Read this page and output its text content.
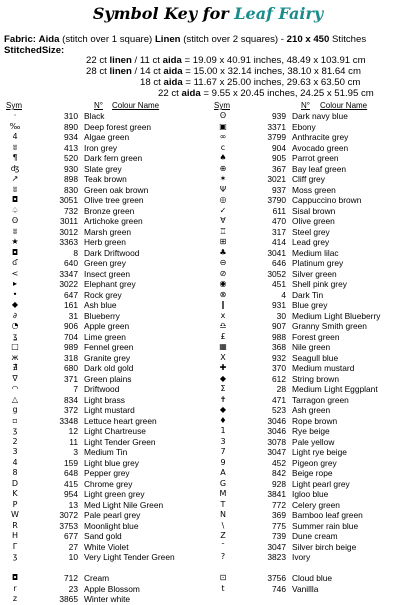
Symbol Key for Leaf Fairy
Fabric: Aida (stitch over 1 square) Linen (stitch over 2 squares) - 210 x 450 Stitches
StitchedSize:
22 ct linen / 11 ct aida = 19.09 x 40.91 inches, 48.49 x 103.91 cm
28 ct linen / 14 ct aida = 15.00 x 32.14 inches, 38.10 x 81.64 cm
18 ct aida = 11.67 x 25.00 inches, 29.63 x 63.50 cm
22 ct aida = 9.55 x 20.45 inches, 24.25 x 51.95 cm
Sym	N° Colour Name	Sym	N° Colour Name
·	310 Black
‰	890 Deep forest green
4	934 Algae green
ʬ	413 Iron grey
¶	520 Dark fern green
ʤ	930 Slate grey
↗	898 Teak brown
ʬ	830 Green oak brown
◘	3051 Olive tree green
♤	732 Bronze green
ʘ	3011 Artichoke green
ʬ	3012 Marsh green
★	3363 Herb green
◘	8 Dark Driftwood
ʛ	640 Green grey
<	3347 Insect green
▸	3022 Elephant grey
•	647 Rock grey
◆	161 Ash blue
∂	31 Blueberry
◔	906 Apple green
ʓ	704 Lime green
□	989 Fennel green
ж	318 Granite grey
∄	680 Dark old gold
∇	371 Green plains
◠	7 Driftwood
△	834 Light brass
g	372 Light mustard
▫	3348 Lettuce heart green
ʒ	12 Light Chartreuse
2	11 Light Tender Green
3	3 Medium Tin
4	159 Light blue grey
8	648 Pepper grey
D	415 Chrome grey
K	954 Light green grey
P	13 Med Light Nile Green
W	3072 Pale pearl grey
R	3753 Moonlight blue
H	677 Sand gold
Γ	27 White Violet
ʒ	10 Very Light Tender Green
◘	712 Cream
r	23 Apple Blossom
z	3865 Winter white
ʘ	939 Dark navy blue
▣	3371 Ebony
∞	3799 Anthracite grey
ϲ	904 Avocado green
♠	905 Parrot green
⊕	367 Bay leaf green
✶	3021 Cliff grey
Ψ	937 Moss green
◎	3790 Cappuccino brown
✓	611 Sisal brown
∀	470 Olive green
♖	317 Steel grey
⊞	414 Lead grey
♣	3041 Medium lilac
⊖	646 Platinum grey
⊘	3052 Silver green
◉	451 Shell pink grey
⊗	4 Dark Tin
‖	931 Blue grey
x	30 Medium Light Blueberry
♎	907 Granny Smith green
£	988 Forest green
▦	368 Nile green
X	932 Seagull blue
✚	370 Medium mustard
◆	612 String brown
Σ	28 Medium Light Eggplant
✝	471 Tarragon green
◆	523 Ash green
♦	3046 Rope brown
1	3046 Rye beige
3	3078 Pale yellow
7	3047 Light rye beige
9	452 Pigeon grey
A	842 Beige rope
G	928 Light pearl grey
M	3841 Igloo blue
T	772 Celery green
N	369 Bamboo leaf green
\	775 Summer rain blue
Z	739 Dune cream
¯	3047 Silver birch beige
?	3823 Ivory
⊡	3756 Cloud blue
t	746 Vanillla
